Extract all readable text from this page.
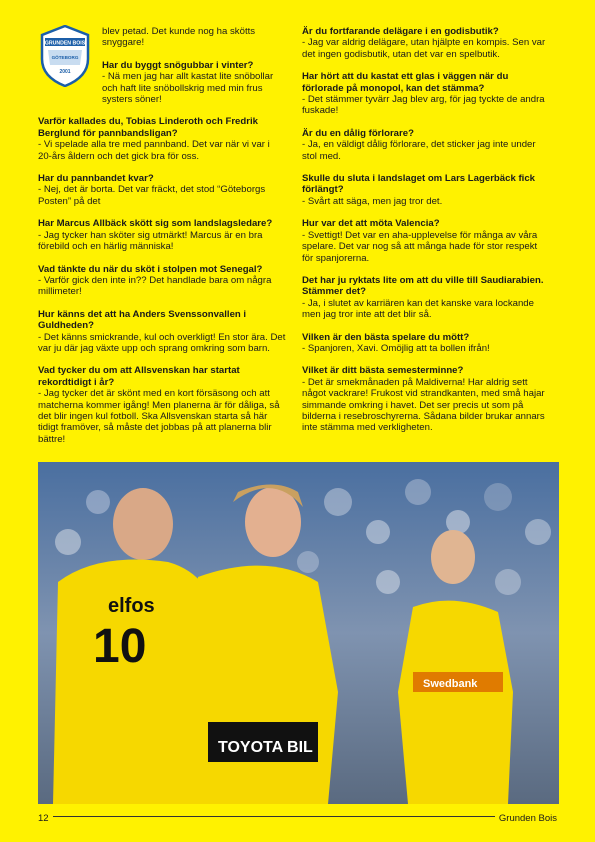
GRUNDEN BOIS
GÖTEBORG
2001
blev petad. Det kunde nog ha skötts snyggare!
Har du byggt snögubbar i vinter?
- Nä men jag har allt kastat lite snöbollar och haft lite snöbollskrig med min frus systers söner!
Varför kallades du, Tobias Linderoth och Fredrik Berglund för pannbandsligan?
- Vi spelade alla tre med pannband. Det var när vi var i 20-års åldern och det gick bra för oss.
Har du pannbandet kvar?
- Nej, det är borta. Det var fräckt, det stod “Göteborgs Posten” på det
Har Marcus Allbäck skött sig som landslagsledare?
- Jag tycker han sköter sig utmärkt! Marcus är en bra förebild och en härlig människa!
Vad tänkte du när du sköt i stolpen mot Senegal?
- Varför gick den inte in?? Det handlade bara om några millimeter!
Hur känns det att ha Anders Svenssonvallen i Guldheden?
- Det känns smickrande, kul och overkligt! En stor ära. Det var ju där jag växte upp och sprang omkring som barn.
Vad tycker du om att Allsvenskan har startat rekordtidigt i år?
- Jag tycker det är skönt med en kort försäsong och att matcherna kommer igång! Men planerna är för dåliga, så det blir ingen kul fotboll. Ska Allsvenskan starta så här tidigt framöver, så måste det jobbas på att planerna blir bättre!
Är du fortfarande delägare i en godisbutik?
- Jag var aldrig delägare, utan hjälpte en kompis. Sen var det ingen godisbutik, utan det var en spelbutik.
Har hört att du kastat ett glas i väggen när du förlorade på monopol, kan det stämma?
- Det stämmer tyvärr Jag blev arg, för jag tyckte de andra fuskade!
Är du en dålig förlorare?
- Ja, en väldigt dålig förlorare, det sticker jag inte under stol med.
Skulle du sluta i landslaget om Lars Lagerbäck fick förlängt?
- Svårt att säga, men jag tror det.
Hur var det att möta Valencia?
- Svettigt! Det var en aha-upplevelse för många av våra spelare. Det var nog så att många hade för stor respekt för spanjorerna.
Det har ju ryktats lite om att du ville till Saudiarabien. Stämmer det?
- Ja, i slutet av karriären kan det kanske vara lockande men jag tror inte att det blir så.
Vilken är den bästa spelare du mött?
- Spanjoren, Xavi. Omöjlig att ta bollen ifrån!
Vilket är ditt bästa semesterminne?
- Det är smekmånaden på Maldiverna! Har aldrig sett något vackrare! Frukost vid strandkanten, med små hajar simmande omkring i havet. Det ser precis ut som på bilderna i resebroschyrerna. Sådana bilder brukar annars inte stämma med verkligheten.
10
elfos
TOYOTA BIL
Swedbank
12	Grunden Bois
